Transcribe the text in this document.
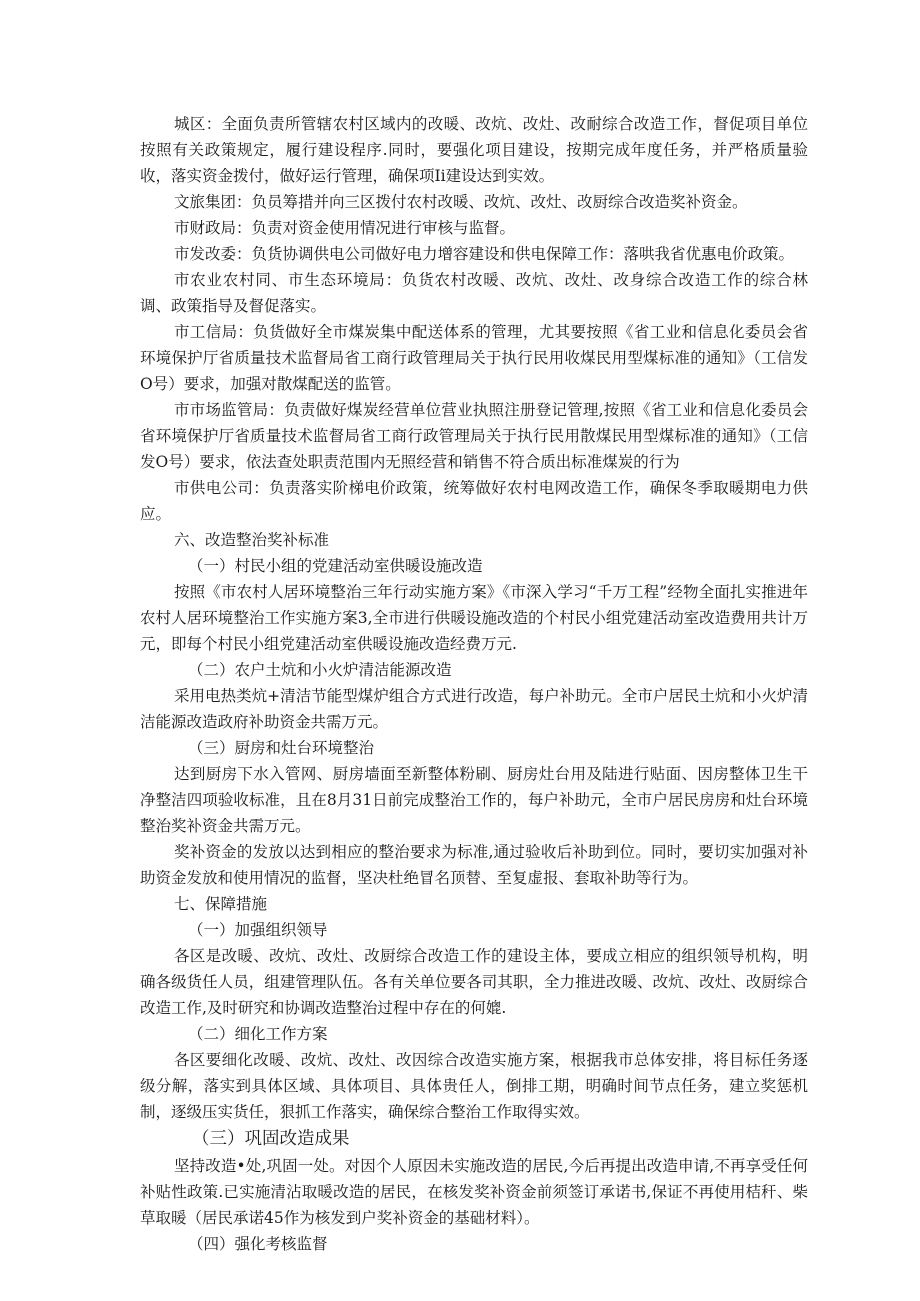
城区：全面负责所管辖农村区域内的改暖、改炕、改灶、改耐综合改造工作，督促项目单位按照有关政策规定，履行建设程序.同时，要强化项目建设，按期完成年度任务，并严格质量验收，落实资金拨付，做好运行管理，确保项Ii建设达到实效。

文旅集团：负员筹措并向三区拨付农村改暖、改炕、改灶、改厨综合改造奖补资金。

市财政局：负责对资金使用情况进行审核与监督。

市发改委：负货协调供电公司做好电力增容建设和供电保障工作：落哄我省优惠电价政策。

市农业农村同、市生态环境局：负货农村改暖、改炕、改灶、改身综合改造工作的综合林调、政策指导及督促落实。

市工信局：负货做好全市煤炭集中配送体系的管理，尤其要按照《省工业和信息化委员会省环境保护厅省质量技术监督局省工商行政管理局关于执行民用收煤民用型煤标准的通知》（工信发O号）要求，加强对散煤配送的监管。

市市场监管局：负责做好煤炭经营单位营业执照注册登记管理,按照《省工业和信息化委员会省环境保护厅省质量技术监督局省工商行政管理局关于执行民用散煤民用型煤标准的通知》（工信发O号）要求，依法查处职责范围内无照经营和销售不符合质出标准煤炭的行为

市供电公司：负责落实阶梯电价政策，统筹做好农村电网改造工作，确保冬季取暖期电力供应。

六、改造整治奖补标准

（一）村民小组的党建活动室供暖设施改造

按照《市农村人居环境整治三年行动实施方案》《市深入学习“千万工程”经物全面扎实推进年农村人居环境整治工作实施方案3,全市进行供暖设施改造的个村民小组党建活动室改造费用共计万元，即每个村民小组党建活动室供暖设施改造经费万元.

（二）农户土炕和小火炉清洁能源改造

采用电热类炕+清洁节能型煤炉组合方式进行改造，每户补助元。全市户居民土炕和小火炉清洁能源改造政府补助资金共需万元。

（三）厨房和灶台环境整治

达到厨房下水入管网、厨房墙面至新整体粉刷、厨房灶台用及陆进行贴面、因房整体卫生干净整洁四项验收标准，且在8月31日前完成整治工作的，每户补助元，全市户居民房房和灶台环境整治奖补资金共需万元。

奖补资金的发放以达到相应的整治要求为标准,通过验收后补助到位。同时，要切实加强对补助资金发放和使用情况的监督，坚决杜绝冒名顶替、至复虚报、套取补助等行为。

七、保障措施

（一）加强组织领导

各区是改暖、改炕、改灶、改厨综合改造工作的建设主体，要成立相应的组织领导机构，明确各级货任人员，组建管理队伍。各有关单位要各司其职，全力推进改暖、改炕、改灶、改厨综合改造工作,及时研究和协调改造整治过程中存在的何媲.

（二）细化工作方案

各区要细化改暖、改炕、改灶、改因综合改造实施方案，根据我市总体安排，将目标任务逐级分解，落实到具体区域、具体项目、具体贵任人，倒排工期，明确时间节点任务，建立奖惩机制，逐级压实货任，狠抓工作落实，确保综合整治工作取得实效。

（三）巩固改造成果

坚持改造•处,巩固一处。对因个人原因未实施改造的居民,今后再提出改造申请,不再享受任何补贴性政策.已实施清沾取暖改造的居民，在核发奖补资金前须签订承诺书,保证不再使用桔秆、柴草取暖（居民承诺45作为核发到户奖补资金的基础材料）。

（四）强化考核监督
